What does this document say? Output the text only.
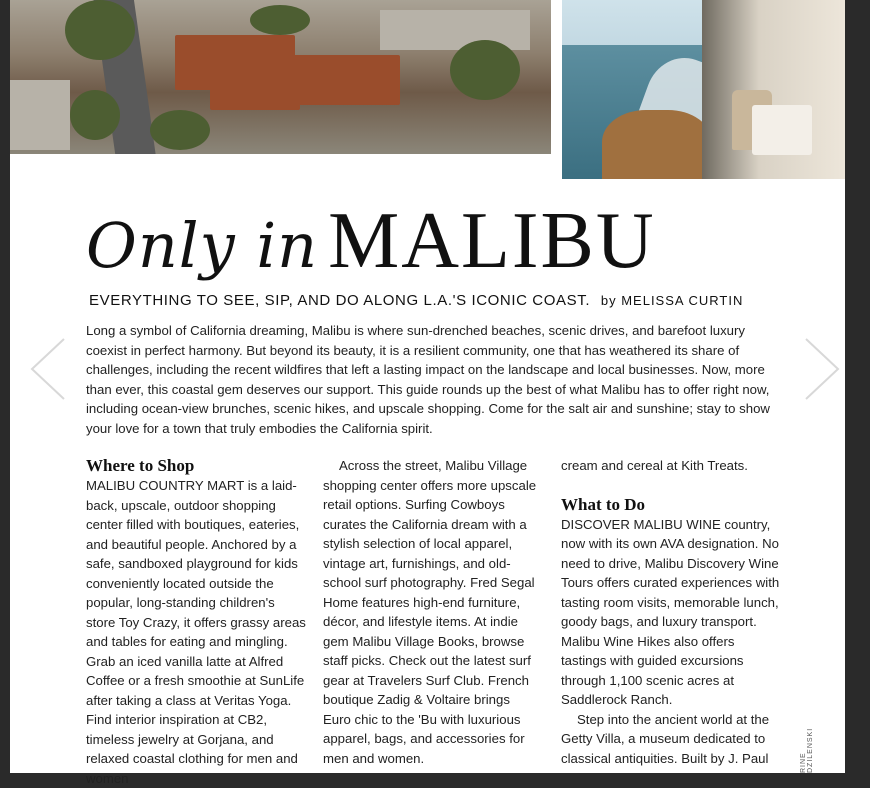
Only in MALIBU
EVERYTHING TO SEE, SIP, AND DO ALONG L.A.'S ICONIC COAST. by MELISSA CURTIN
Long a symbol of California dreaming, Malibu is where sun-drenched beaches, scenic drives, and barefoot luxury coexist in perfect harmony. But beyond its beauty, it is a resilient community, one that has weathered its share of challenges, including the recent wildfires that left a lasting impact on the landscape and local businesses. Now, more than ever, this coastal gem deserves our support. This guide rounds up the best of what Malibu has to offer right now, including ocean-view brunches, scenic hikes, and upscale shopping. Come for the salt air and sunshine; stay to show your love for a town that truly embodies the California spirit.
Where to Shop

MALIBU COUNTRY MART is a laid-back, upscale, outdoor shopping center filled with boutiques, eateries, and beautiful people. Anchored by a safe, sandboxed playground for kids conveniently located outside the popular, long-standing children's store Toy Crazy, it offers grassy areas and tables for eating and mingling. Grab an iced vanilla latte at Alfred Coffee or a fresh smoothie at SunLife after taking a class at Veritas Yoga. Find interior inspiration at CB2, timeless jewelry at Gorjana, and relaxed coastal clothing for men and women

Across the street, Malibu Village shopping center offers more upscale retail options. Surfing Cowboys curates the California dream with a stylish selection of local apparel, vintage art, furnishings, and old-school surf photography. Fred Segal Home features high-end furniture, décor, and lifestyle items. At indie gem Malibu Village Books, browse staff picks. Check out the latest surf gear at Travelers Surf Club. French boutique Zadig & Voltaire brings Euro chic to the 'Bu with luxurious apparel, bags, and accessories for men and women.

cream and cereal at Kith Treats.

What to Do

DISCOVER MALIBU WINE country, now with its own AVA designation. No need to drive, Malibu Discovery Wine Tours offers curated experiences with tasting room visits, memorable lunch, goody bags, and luxury transport. Malibu Wine Hikes also offers tastings with guided excursions through 1,100 scenic acres at Saddlerock Ranch.

Step into the ancient world at the Getty Villa, a museum dedicated to classical antiquities. Built by J. Paul	RINE DZILENSKI
